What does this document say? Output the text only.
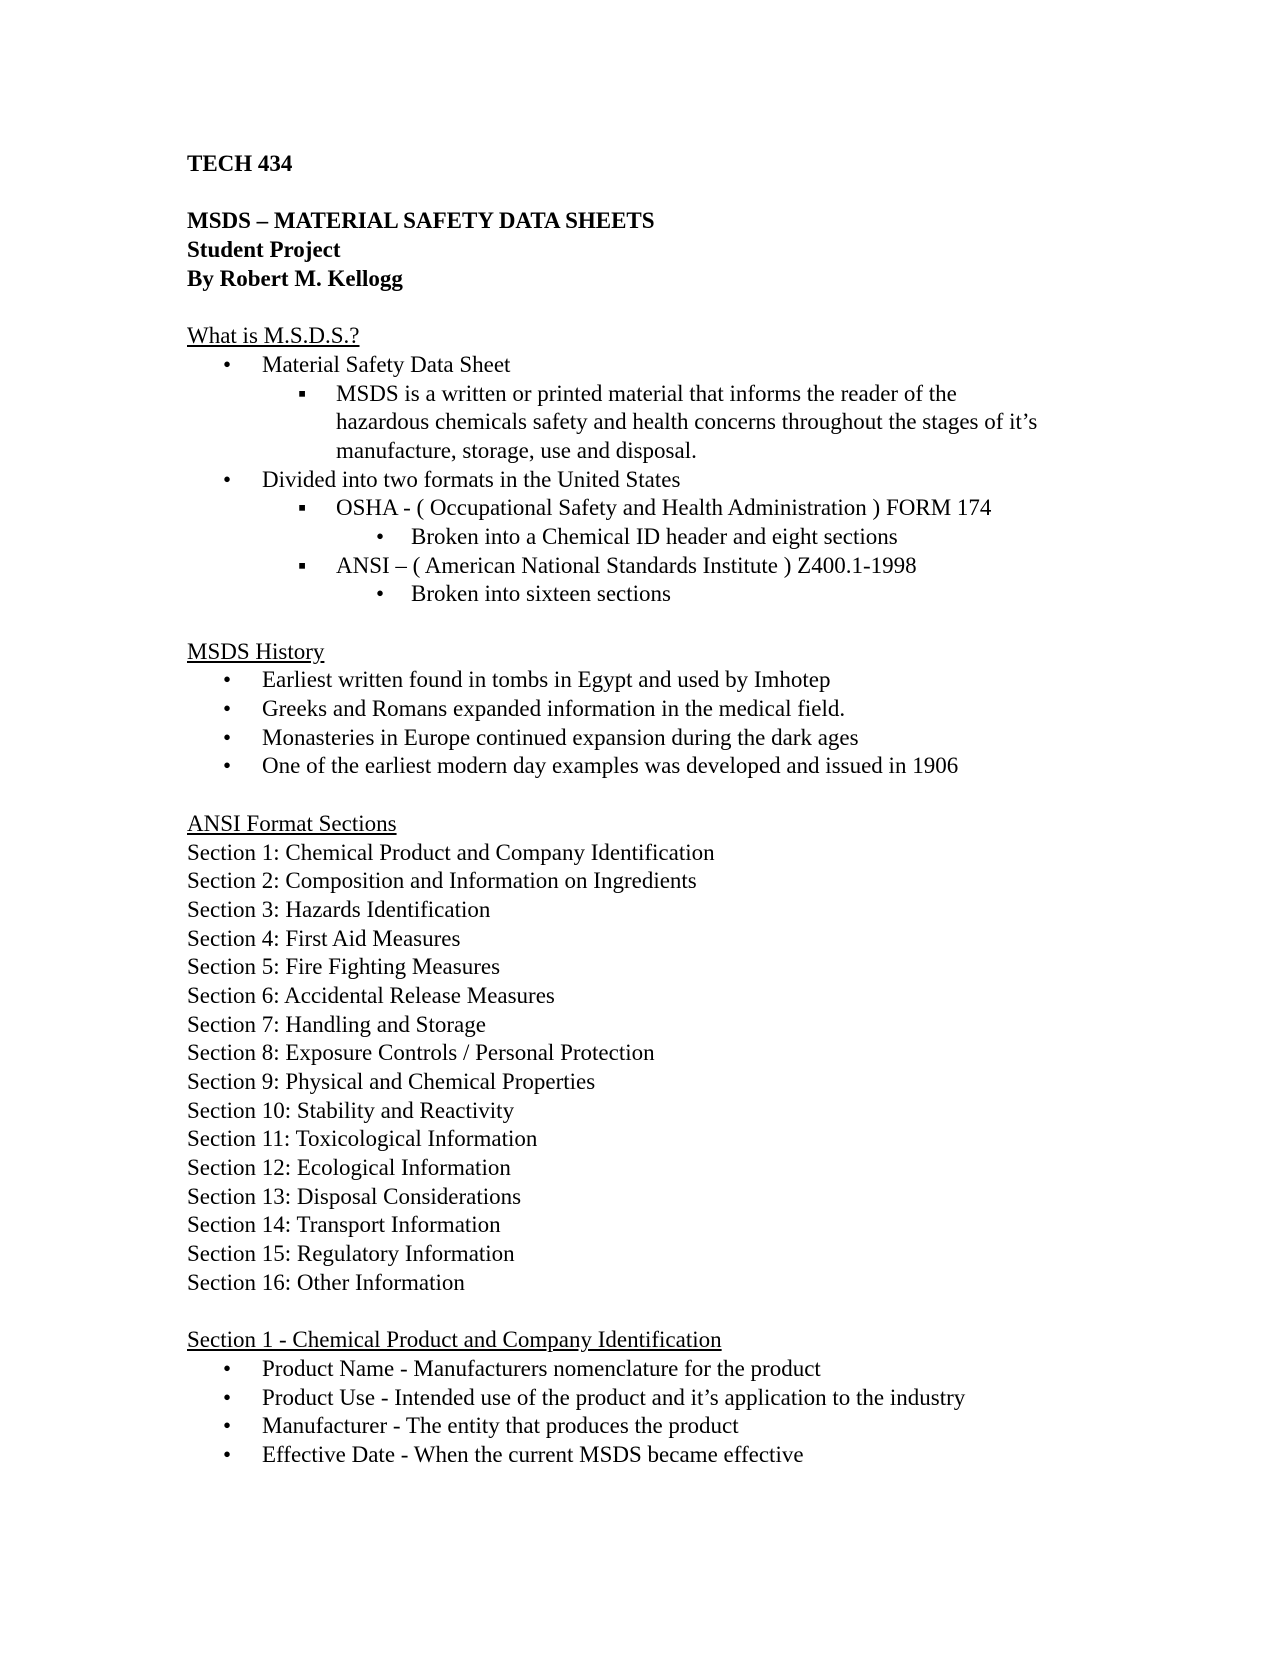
TECH 434
MSDS – MATERIAL SAFETY DATA SHEETS
Student Project
By Robert M. Kellogg
What is M.S.D.S.?
• Material Safety Data Sheet
▪ MSDS is a written or printed material that informs the reader of the hazardous chemicals safety and health concerns throughout the stages of it’s manufacture, storage, use and disposal.
• Divided into two formats in the United States
▪ OSHA - ( Occupational Safety and Health Administration ) FORM 174
• Broken into a Chemical ID header and eight sections
▪ ANSI – ( American National Standards Institute ) Z400.1-1998
• Broken into sixteen sections
MSDS History
• Earliest written found in tombs in Egypt and used by Imhotep
• Greeks and Romans expanded information in the medical field.
• Monasteries in Europe continued expansion during the dark ages
• One of the earliest modern day examples was developed and issued in 1906
ANSI Format Sections
Section 1: Chemical Product and Company Identification
Section 2: Composition and Information on Ingredients
Section 3: Hazards Identification
Section 4: First Aid Measures
Section 5: Fire Fighting Measures
Section 6: Accidental Release Measures
Section 7: Handling and Storage
Section 8: Exposure Controls / Personal Protection
Section 9: Physical and Chemical Properties
Section 10: Stability and Reactivity
Section 11: Toxicological Information
Section 12: Ecological Information
Section 13: Disposal Considerations
Section 14: Transport Information
Section 15: Regulatory Information
Section 16: Other Information
Section 1 - Chemical Product and Company Identification
• Product Name - Manufacturers nomenclature for the product
• Product Use - Intended use of the product and it’s application to the industry
• Manufacturer - The entity that produces the product
• Effective Date - When the current MSDS became effective
